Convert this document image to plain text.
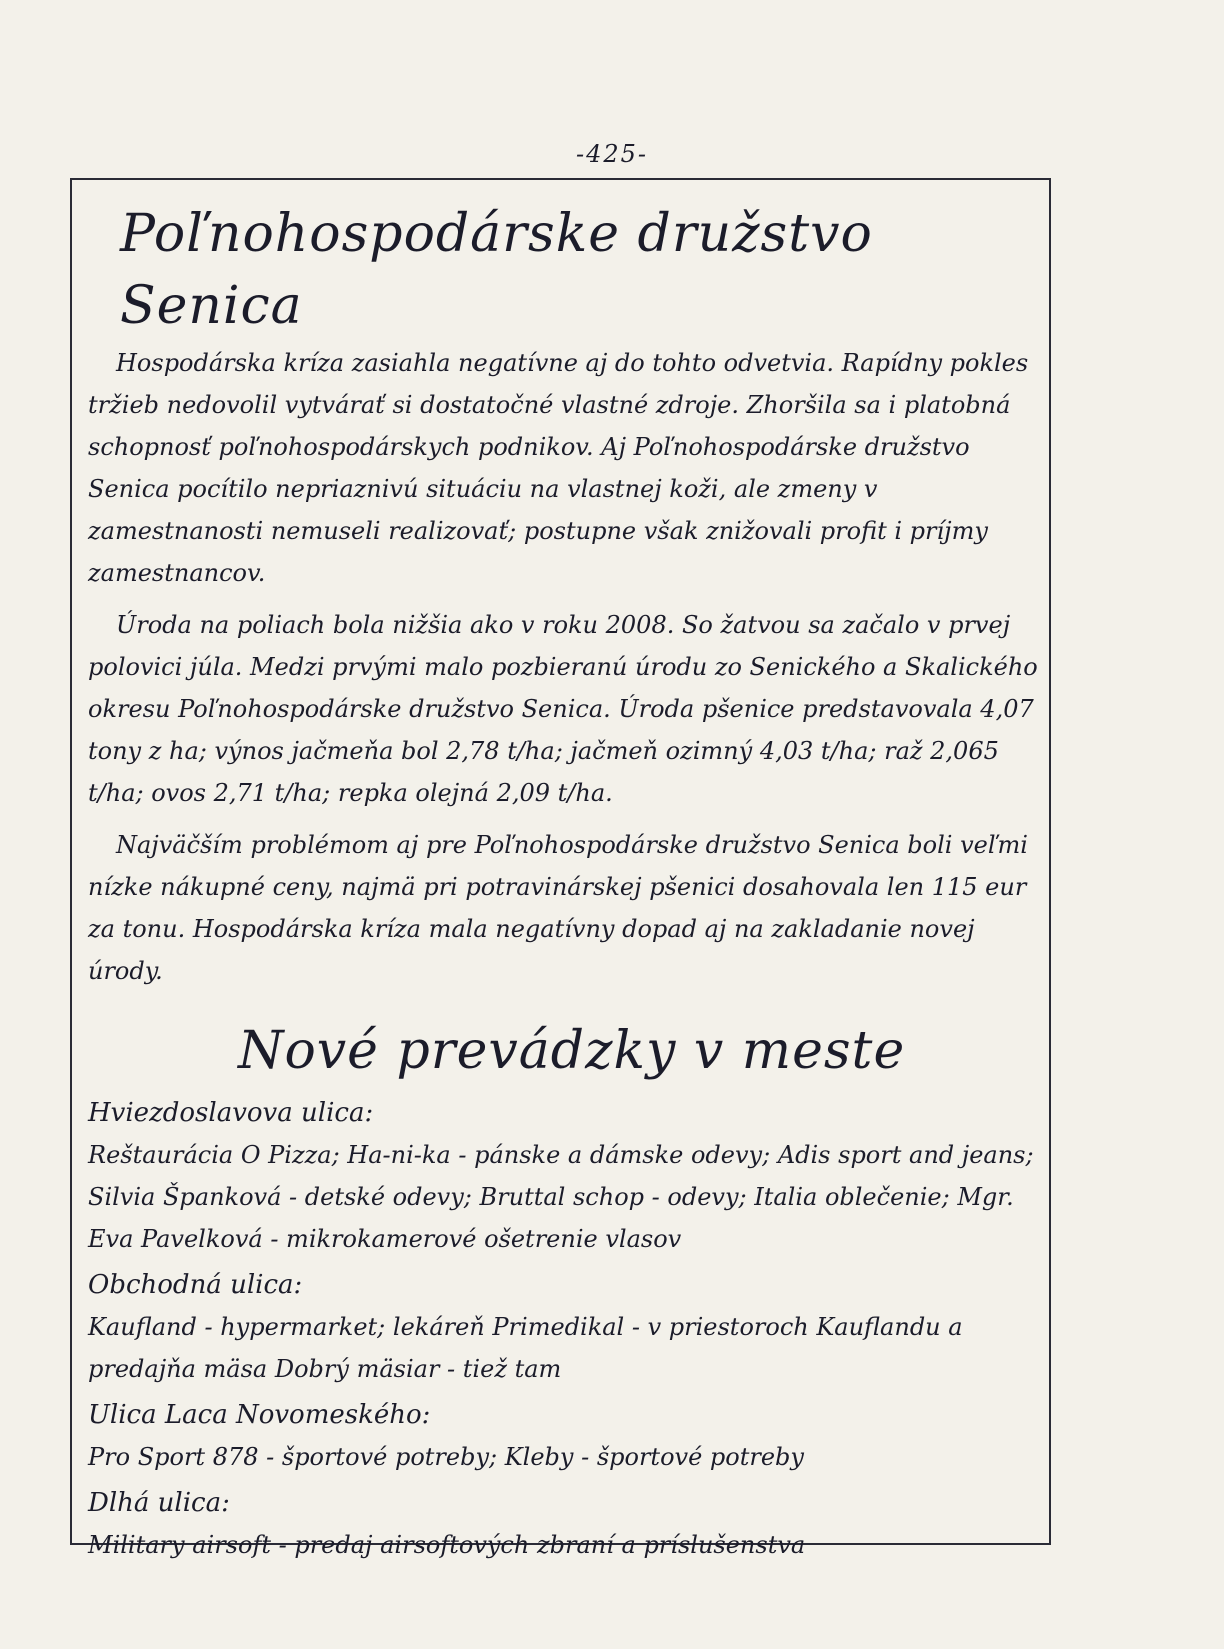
-425-
Poľnohospodárske družstvo Senica

Hospodárska kríza zasiahla negatívne aj do tohto odvetvia. Rapídny pokles tržieb nedovolil vytvárať si dostatočné vlastné zdroje. Zhoršila sa i platobná schopnosť poľnohospodárskych podnikov. Aj Poľnohospodárske družstvo Senica pocítilo nepriaznivú situáciu na vlastnej koži, ale zmeny v zamestnanosti nemuseli realizovať; postupne však znižovali profit i príjmy zamestnancov.

Úroda na poliach bola nižšia ako v roku 2008. So žatvou sa začalo v prvej polovici júla. Medzi prvými malo pozbieranú úrodu zo Senického a Skalického okresu Poľnohospodárske družstvo Senica. Úroda pšenice predstavovala 4,07 tony z ha; výnos jačmeňa bol 2,78 t/ha; jačmeň ozimný 4,03 t/ha; raž 2,065 t/ha; ovos 2,71 t/ha; repka olejná 2,09 t/ha.

Najväčším problémom aj pre Poľnohospodárske družstvo Senica boli veľmi nízke nákupné ceny, najmä pri potravinárskej pšenici dosahovala len 115 eur za tonu. Hospodárska kríza mala negatívny dopad aj na zakladanie novej úrody.

Nové prevádzky v meste

Hviezdoslavova ulica:

Reštaurácia O Pizza; Ha-ni-ka - pánske a dámske odevy; Adis sport and jeans; Silvia Španková - detské odevy; Bruttal schop - odevy; Italia oblečenie; Mgr. Eva Pavelková - mikrokamerové ošetrenie vlasov

Obchodná ulica:

Kaufland - hypermarket; lekáreň Primedikal - v priestoroch Kauflandu a predajňa mäsa Dobrý mäsiar - tiež tam

Ulica Laca Novomeského:

Pro Sport 878 - športové potreby; Kleby - športové potreby

Dlhá ulica:

Military airsoft - predaj airsoftových zbraní a príslušenstva
